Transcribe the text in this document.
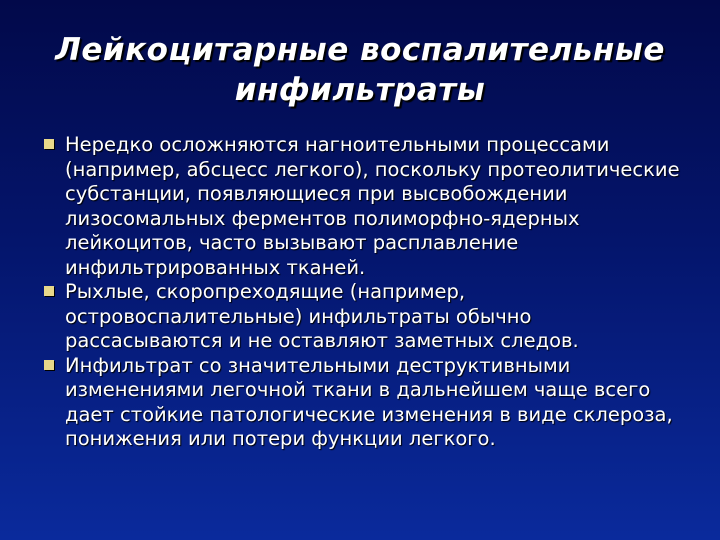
Лейкоцитарные воспалительные инфильтраты
Нередко осложняются нагноительными процессами (например, абсцесс легкого), поскольку протеолитические субстанции, появляющиеся при высвобождении лизосомальных ферментов полиморфно-ядерных лейкоцитов, часто вызывают расплавление инфильтрированных тканей.
Рыхлые, скоропреходящие (например, островоспалительные) инфильтраты обычно рассасываются и не оставляют заметных следов.
Инфильтрат со значительными деструктивными изменениями легочной ткани в дальнейшем чаще всего дает стойкие патологические изменения в виде склероза, понижения или потери функции легкого.
